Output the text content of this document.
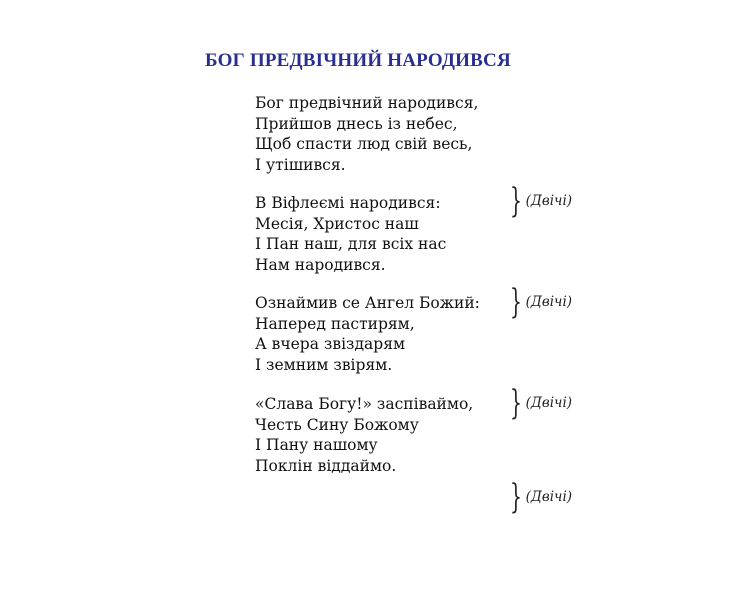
БОГ ПРЕДВІЧНИЙ НАРОДИВСЯ
Бог предвічний народився,
Прийшов днесь із небес,
Щоб спасти люд свій весь,
І утішився.
В Віфлеємі народився:
Месія, Христос наш
І Пан наш, для всіх нас
Нам народився.
Ознаймив се Ангел Божий:
Наперед пастирям,
А вчера звіздарям
І земним звірям.
«Слава Богу!» заспіваймо,
Честь Сину Божому
І Пану нашому
Поклін віддаймо.
} (Двічі)
} (Двічі)
} (Двічі)
} (Двічі)
